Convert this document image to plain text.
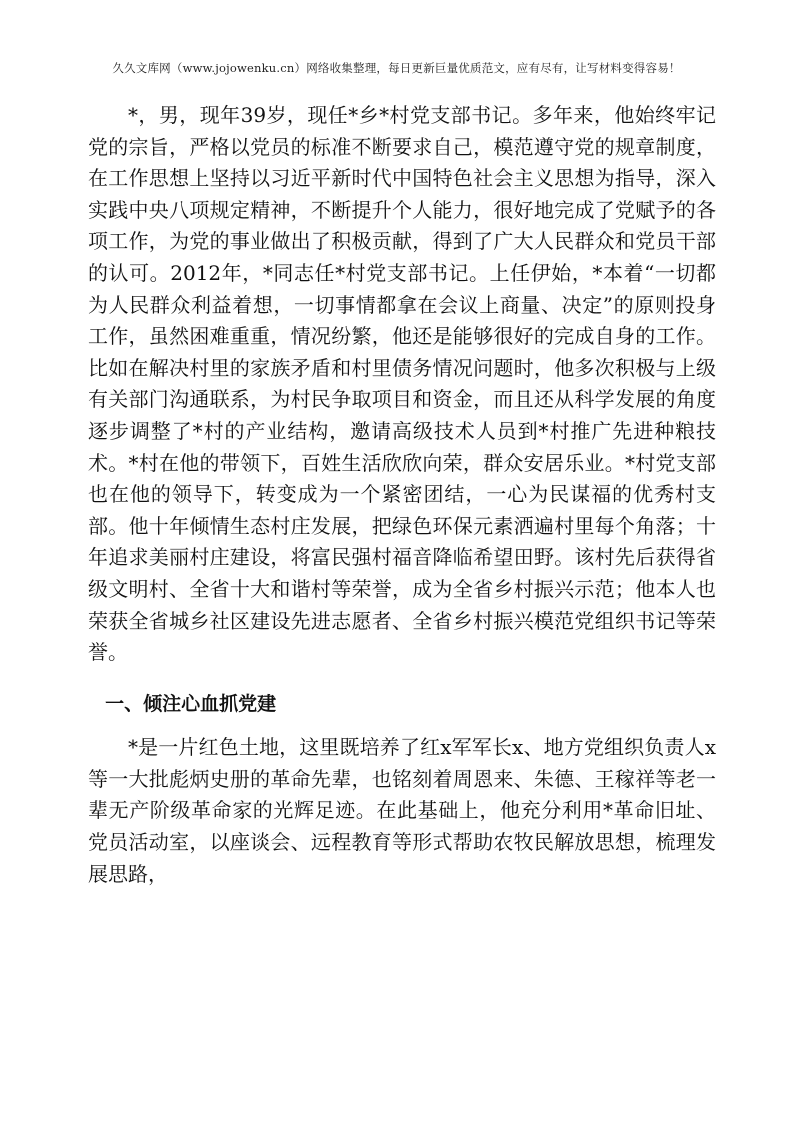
久久文库网（www.jojowenku.cn）网络收集整理，每日更新巨量优质范文，应有尽有，让写材料变得容易！

*，男，现年39岁，现任*乡*村党支部书记。多年来，他始终牢记党的宗旨，严格以党员的标准不断要求自己，模范遵守党的规章制度，在工作思想上坚持以习近平新时代中国特色社会主义思想为指导，深入实践中央八项规定精神，不断提升个人能力，很好地完成了党赋予的各项工作，为党的事业做出了积极贡献，得到了广大人民群众和党员干部的认可。2012年，*同志任*村党支部书记。上任伊始，*本着“一切都为人民群众利益着想，一切事情都拿在会议上商量、决定”的原则投身工作，虽然困难重重，情况纷繁，他还是能够很好的完成自身的工作。比如在解决村里的家族矛盾和村里债务情况问题时，他多次积极与上级有关部门沟通联系，为村民争取项目和资金，而且还从科学发展的角度逐步调整了*村的产业结构，邀请高级技术人员到*村推广先进种粮技术。*村在他的带领下，百姓生活欣欣向荣，群众安居乐业。*村党支部也在他的领导下，转变成为一个紧密团结，一心为民谋福的优秀村支部。他十年倾情生态村庄发展，把绿色环保元素洒遍村里每个角落；十年追求美丽村庄建设，将富民强村福音降临希望田野。该村先后获得省级文明村、全省十大和谐村等荣誉，成为全省乡村振兴示范；他本人也荣获全省城乡社区建设先进志愿者、全省乡村振兴模范党组织书记等荣誉。

一、倾注心血抓党建

*是一片红色土地，这里既培养了红x军军长x、地方党组织负责人x等一大批彪炳史册的革命先辈，也铭刻着周恩来、朱德、王稼祥等老一辈无产阶级革命家的光辉足迹。在此基础上，他充分利用*革命旧址、党员活动室，以座谈会、远程教育等形式帮助农牧民解放思想，梳理发展思路，
